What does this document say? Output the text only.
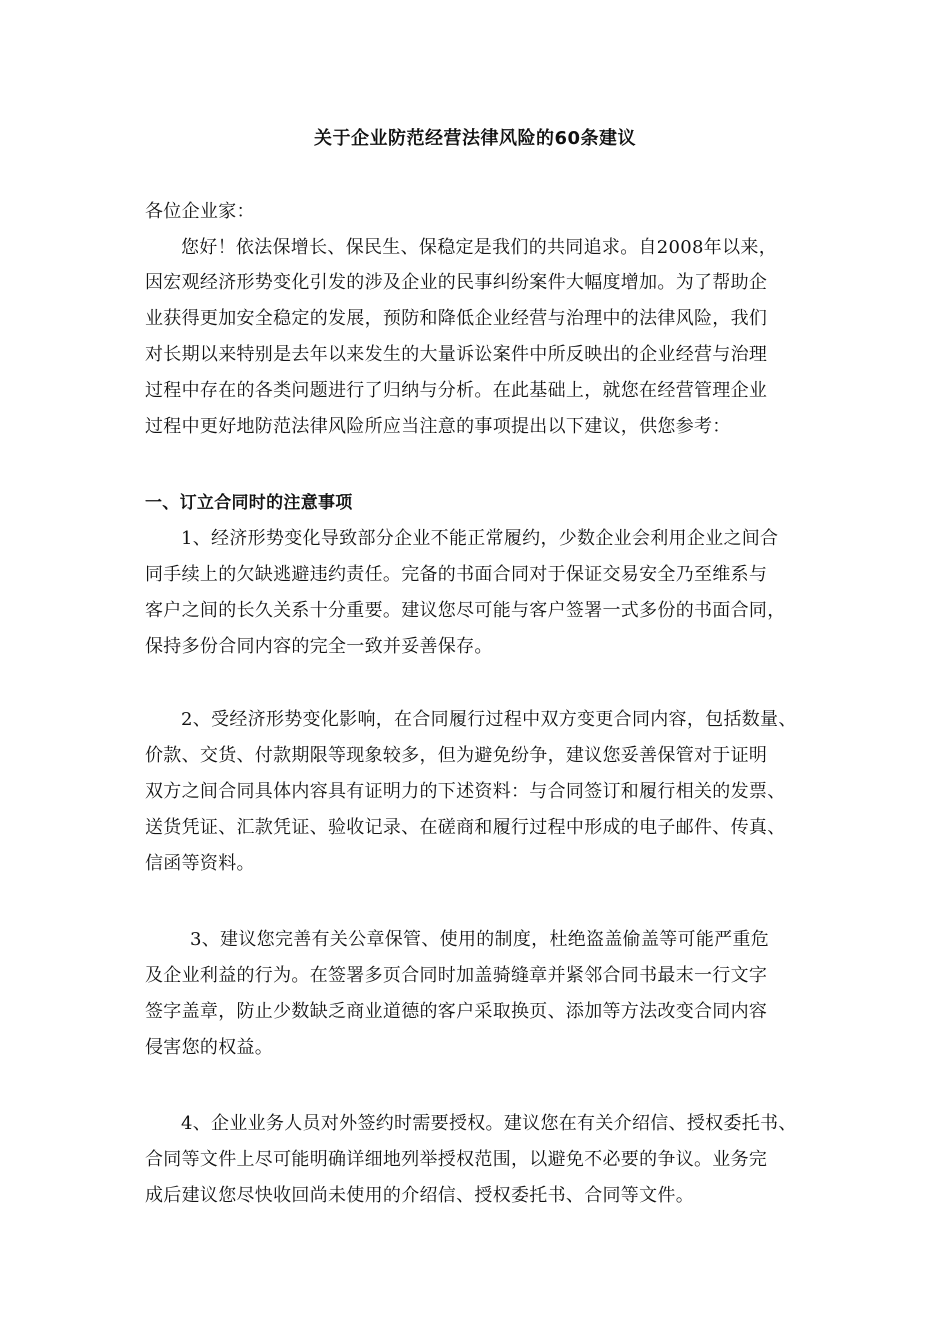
关于企业防范经营法律风险的60条建议
各位企业家：
您好！依法保增长、保民生、保稳定是我们的共同追求。自2008年以来，
因宏观经济形势变化引发的涉及企业的民事纠纷案件大幅度增加。为了帮助企
业获得更加安全稳定的发展，预防和降低企业经营与治理中的法律风险，我们
对长期以来特别是去年以来发生的大量诉讼案件中所反映出的企业经营与治理
过程中存在的各类问题进行了归纳与分析。在此基础上，就您在经营管理企业
过程中更好地防范法律风险所应当注意的事项提出以下建议，供您参考：
一、订立合同时的注意事项
1、经济形势变化导致部分企业不能正常履约，少数企业会利用企业之间合
同手续上的欠缺逃避违约责任。完备的书面合同对于保证交易安全乃至维系与
客户之间的长久关系十分重要。建议您尽可能与客户签署一式多份的书面合同，
保持多份合同内容的完全一致并妥善保存。
2、受经济形势变化影响，在合同履行过程中双方变更合同内容，包括数量、
价款、交货、付款期限等现象较多，但为避免纷争，建议您妥善保管对于证明
双方之间合同具体内容具有证明力的下述资料：与合同签订和履行相关的发票、
送货凭证、汇款凭证、验收记录、在磋商和履行过程中形成的电子邮件、传真、
信函等资料。
3、建议您完善有关公章保管、使用的制度，杜绝盗盖偷盖等可能严重危
及企业利益的行为。在签署多页合同时加盖骑缝章并紧邻合同书最末一行文字
签字盖章，防止少数缺乏商业道德的客户采取换页、添加等方法改变合同内容
侵害您的权益。
4、企业业务人员对外签约时需要授权。建议您在有关介绍信、授权委托书、
合同等文件上尽可能明确详细地列举授权范围，以避免不必要的争议。业务完
成后建议您尽快收回尚未使用的介绍信、授权委托书、合同等文件。
